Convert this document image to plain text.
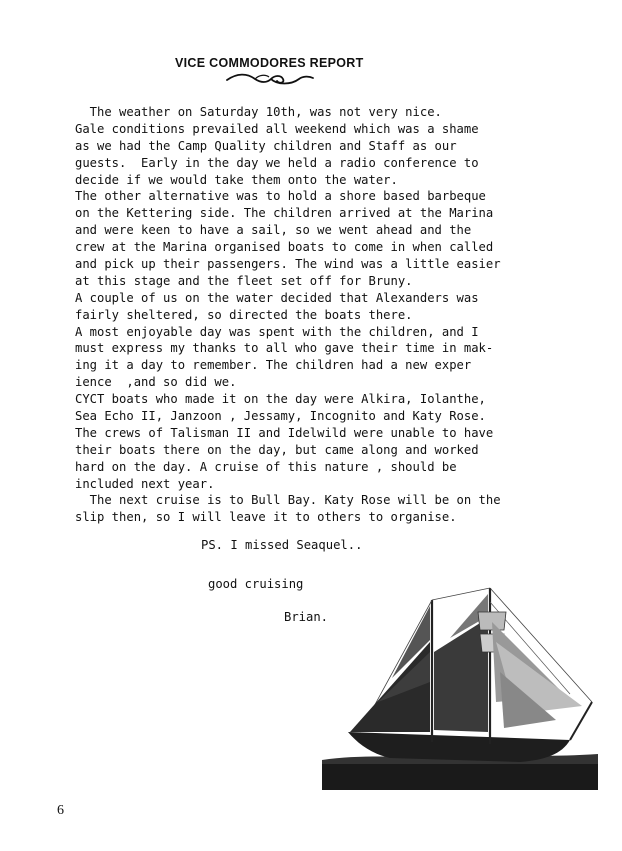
VICE COMMODORES REPORT
The weather on Saturday 10th, was not very nice.
Gale conditions prevailed all weekend which was a shame
as we had the Camp Quality children and Staff as our
guests.  Early in the day we held a radio conference to
decide if we would take them onto the water.
The other alternative was to hold a shore based barbeque
on the Kettering side. The children arrived at the Marina
and were keen to have a sail, so we went ahead and the
crew at the Marina organised boats to come in when called
and pick up their passengers. The wind was a little easier
at this stage and the fleet set off for Bruny.
A couple of us on the water decided that Alexanders was
fairly sheltered, so directed the boats there.
A most enjoyable day was spent with the children, and I
must express my thanks to all who gave their time in mak-
ing it a day to remember. The children had a new exper
ience  ,and so did we.
CYCT boats who made it on the day were Alkira, Iolanthe,
Sea Echo II, Janzoon , Jessamy, Incognito and Katy Rose.
The crews of Talisman II and Idelwild were unable to have
their boats there on the day, but came along and worked
hard on the day. A cruise of this nature , should be
included next year.
The next cruise is to Bull Bay. Katy Rose will be on the
slip then, so I will leave it to others to organise.
PS. I missed Seaquel..
good cruising
Brian.
6
